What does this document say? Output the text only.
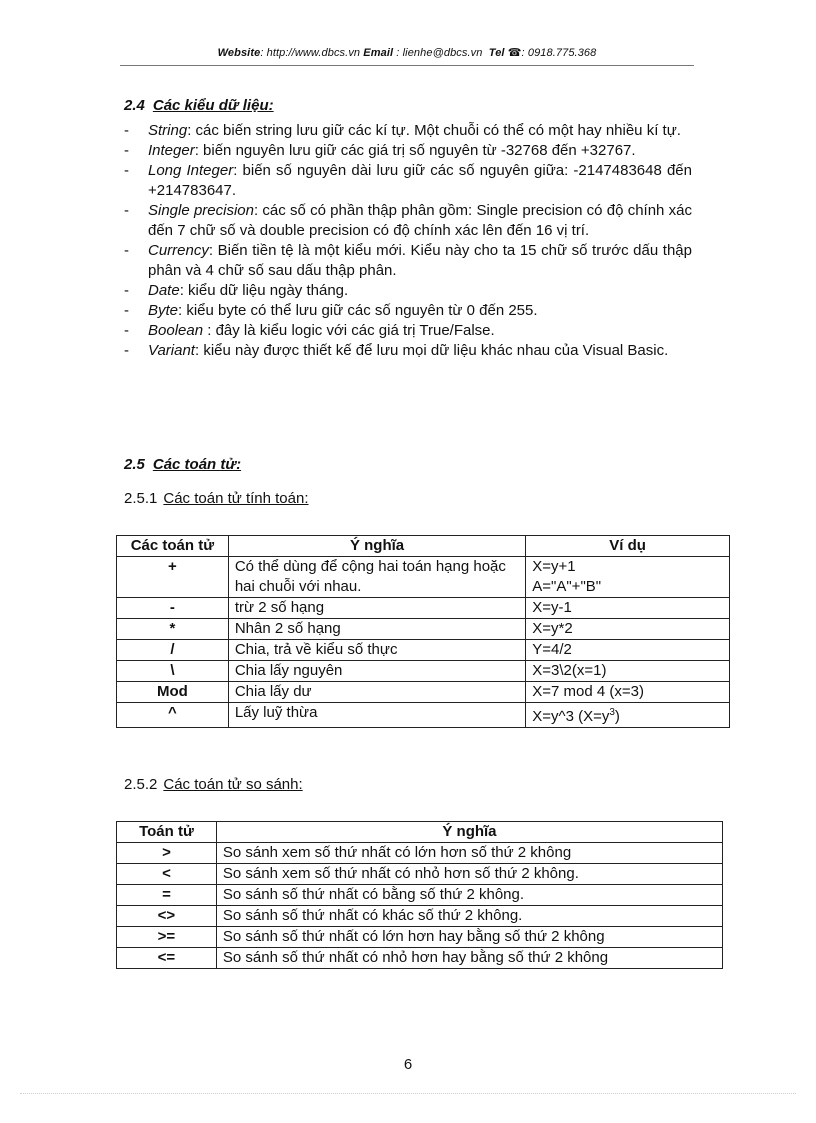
Website: http://www.dbcs.vn Email : lienhe@dbcs.vn Tel ☎: 0918.775.368
2.4 Các kiểu dữ liệu:
- String: các biến string lưu giữ các kí tự. Một chuỗi có thể có một hay nhiều kí tự.
- Integer: biến nguyên lưu giữ các giá trị số nguyên từ -32768 đến +32767.
- Long Integer: biến số nguyên dài lưu giữ các số nguyên giữa: -2147483648 đến +214783647.
- Single precision: các số có phần thập phân gồm: Single precision có độ chính xác đến 7 chữ số và double precision có độ chính xác lên đến 16 vị trí.
- Currency: Biến tiền tệ là một kiểu mới. Kiểu này cho ta 15 chữ số trước dấu thập phân và 4 chữ số sau dấu thập phân.
- Date: kiểu dữ liệu ngày tháng.
- Byte: kiểu byte có thể lưu giữ các số nguyên từ 0 đến 255.
- Boolean : đây là kiểu logic với các giá trị True/False.
- Variant: kiểu này được thiết kế để lưu mọi dữ liệu khác nhau của Visual Basic.
2.5 Các toán tử:
2.5.1 Các toán tử tính toán:
Các toán tử	Ý nghĩa	Ví dụ
+	Có thể dùng để cộng hai toán hạng hoặc hai chuỗi với nhau.	X=y+1
A="A"+"B"

-	trừ 2 số hạng	X=y-1
*	Nhân 2 số hạng	X=y*2
/	Chia, trả về kiểu số thực	Y=4/2
\	Chia lấy nguyên	X=3\2(x=1)
Mod	Chia lấy dư	X=7 mod 4 (x=3)
^	Lấy luỹ thừa	X=y^3 $(X=y^3)$
2.5.2 Các toán tử so sánh:
Toán tử	Ý nghĩa
>	So sánh xem số thứ nhất có lớn hơn số thứ 2 không
<	So sánh xem số thứ nhất có nhỏ hơn số thứ 2 không.
=	So sánh số thứ nhất có bằng số thứ 2 không.
<>	So sánh số thứ nhất có khác số thứ 2 không.
>=	So sánh số thứ nhất có lớn hơn hay bằng số thứ 2 không
<=	So sánh số thứ nhất có nhỏ hơn hay bằng số thứ 2 không
6
